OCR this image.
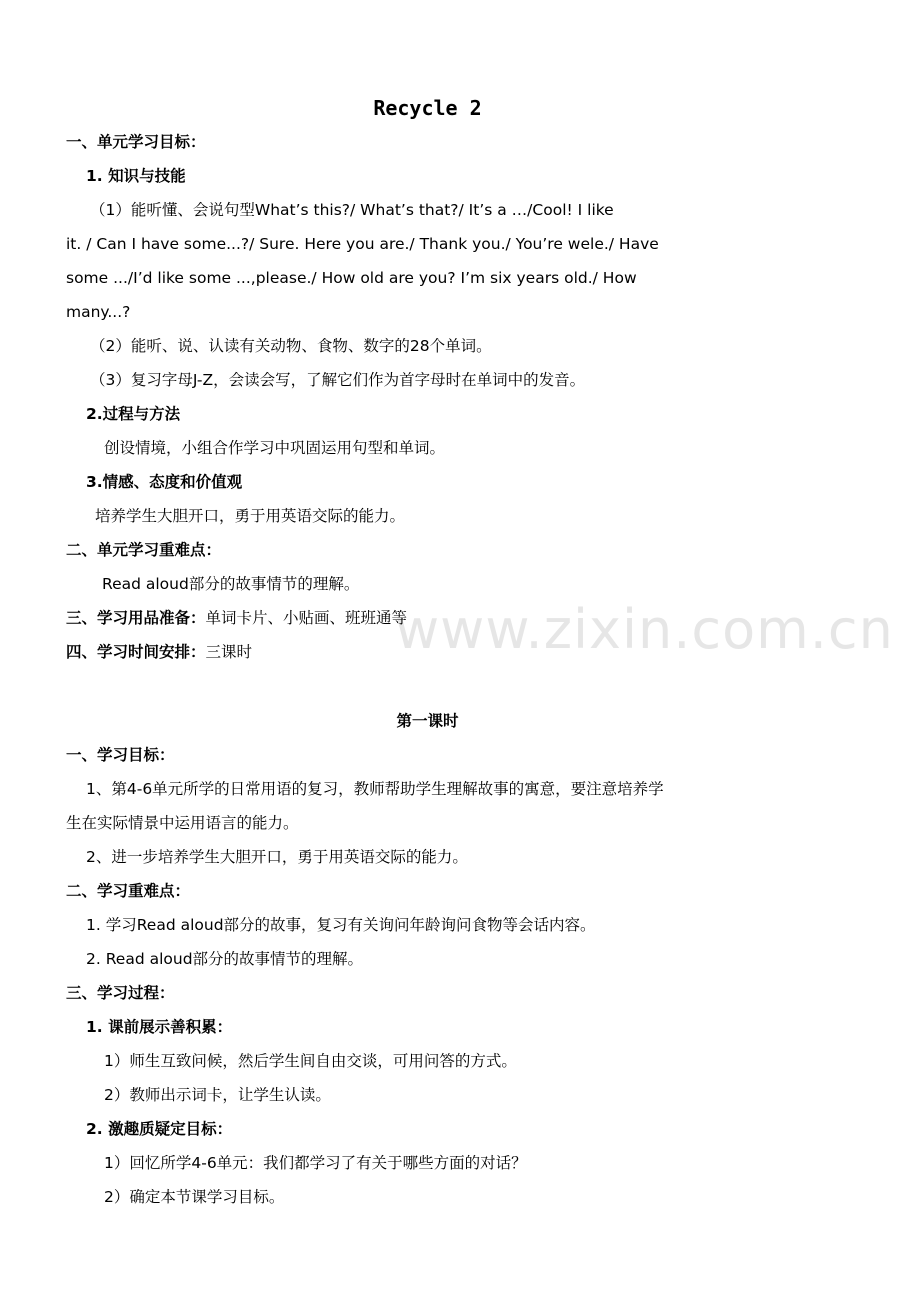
www.zixin.com.cn
Recycle 2
一、单元学习目标：
1. 知识与技能
（1）能听懂、会说句型What’s this?/ What’s that?/ It’s a …/Cool! I like
it. / Can I have some...?/ Sure. Here you are./ Thank you./ You’re wele./ Have
some .../I’d like some ...,please./ How old are you? I’m six years old./ How
many...?
（2）能听、说、认读有关动物、食物、数字的28个单词。
（3）复习字母J-Z，会读会写，了解它们作为首字母时在单词中的发音。
2.过程与方法
创设情境，小组合作学习中巩固运用句型和单词。
3.情感、态度和价值观
培养学生大胆开口，勇于用英语交际的能力。
二、单元学习重难点：
Read aloud部分的故事情节的理解。
三、学习用品准备：单词卡片、小贴画、班班通等
四、学习时间安排：三课时
第一课时
一、学习目标：
1、第4-6单元所学的日常用语的复习，教师帮助学生理解故事的寓意，要注意培养学
生在实际情景中运用语言的能力。
2、进一步培养学生大胆开口，勇于用英语交际的能力。
二、学习重难点：
1. 学习Read aloud部分的故事，复习有关询问年龄询问食物等会话内容。
2. Read aloud部分的故事情节的理解。
三、学习过程：
1. 课前展示善积累：
1）师生互致问候，然后学生间自由交谈，可用问答的方式。
2）教师出示词卡，让学生认读。
2. 激趣质疑定目标：
1）回忆所学4-6单元：我们都学习了有关于哪些方面的对话？
2）确定本节课学习目标。
